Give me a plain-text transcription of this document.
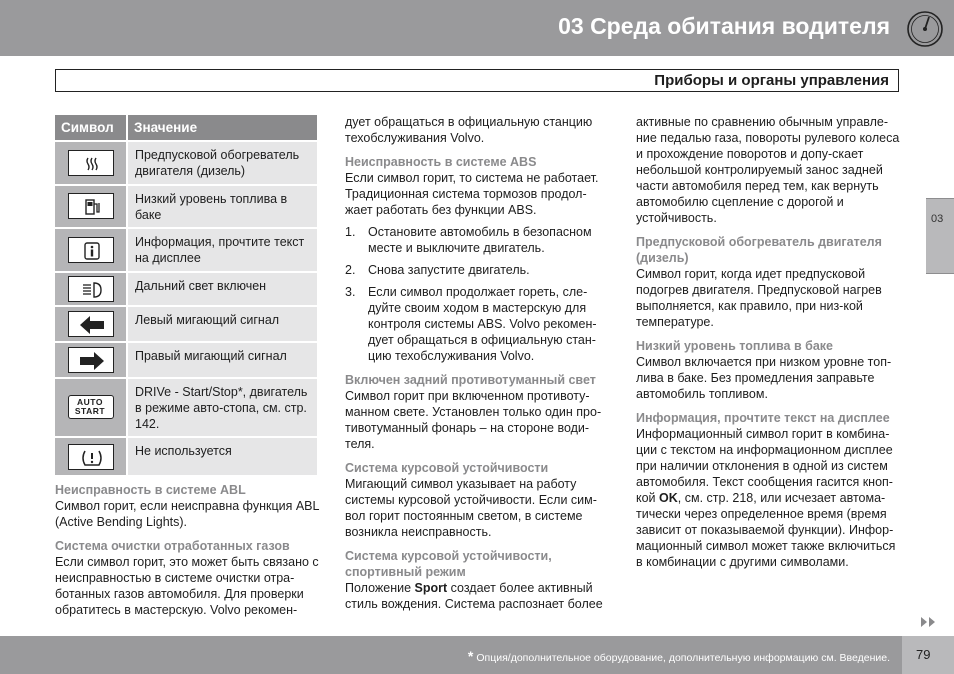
03 Среда обитания водителя
Приборы и органы управления
03
Символ	Значение

	Предпусковой обогреватель двигателя (дизель)

	Низкий уровень топлива в баке

	Информация, прочтите текст на дисплее

	Дальний свет включен

	Левый мигающий сигнал

	Правый мигающий сигнал

AUTO START	DRIVe - Start/Stop*, двигатель в режиме авто-стопа, см. стр. 142.

	Не используется
Неисправность в системе ABL

Символ горит, если неисправна функция ABL (Active Bending Lights).

Система очистки отработанных газов

Если символ горит, это может быть связано с неисправностью в системе очистки отра-ботанных газов автомобиля. Для проверки обратитесь в мастерскую. Volvo рекомен-

дует обращаться в официальную станцию техобслуживания Volvo.

Неисправность в системе ABS

Если символ горит, то система не работает. Традиционная система тормозов продол-жает работать без функции ABS.

1. Остановите автомобиль в безопасном месте и выключите двигатель.
2. Снова запустите двигатель.
3. Если символ продолжает гореть, сле-дуйте своим ходом в мастерскую для контроля системы ABS. Volvo рекомен-дует обращаться в официальную стан-цию техобслуживания Volvo.
Включен задний противотуманный свет

Символ горит при включенном противоту-манном свете. Установлен только один про-тивотуманный фонарь – на стороне води-теля.

Система курсовой устойчивости

Мигающий символ указывает на работу системы курсовой устойчивости. Если сим-вол горит постоянным светом, в системе возникла неисправность.

Система курсовой устойчивости, спортивный режим

Положение Sport создает более активный стиль вождения. Система распознает более

активные по сравнению обычным управле-ние педалью газа, повороты рулевого колеса и прохождение поворотов и допу-скает небольшой контролируемый занос задней части автомобиля перед тем, как вернуть автомобилю сцепление с дорогой и устойчивость.

Предпусковой обогреватель двигателя (дизель)

Символ горит, когда идет предпусковой подогрев двигателя. Предпусковой нагрев выполняется, как правило, при низ-кой температуре.

Низкий уровень топлива в баке

Символ включается при низком уровне топ-лива в баке. Без промедления заправьте автомобиль топливом.

Информация, прочтите текст на дисплее

Информационный символ горит в комбина-ции с текстом на информационном дисплее при наличии отклонения в одной из систем автомобиля. Текст сообщения гасится кноп-кой OK, см. стр. 218, или исчезает автома-тически через определенное время (время зависит от показываемой функции). Инфор-мационный символ может также включиться в комбинации с другими символами.

* Опция/дополнительное оборудование, дополнительную информацию см. Введение. 79
